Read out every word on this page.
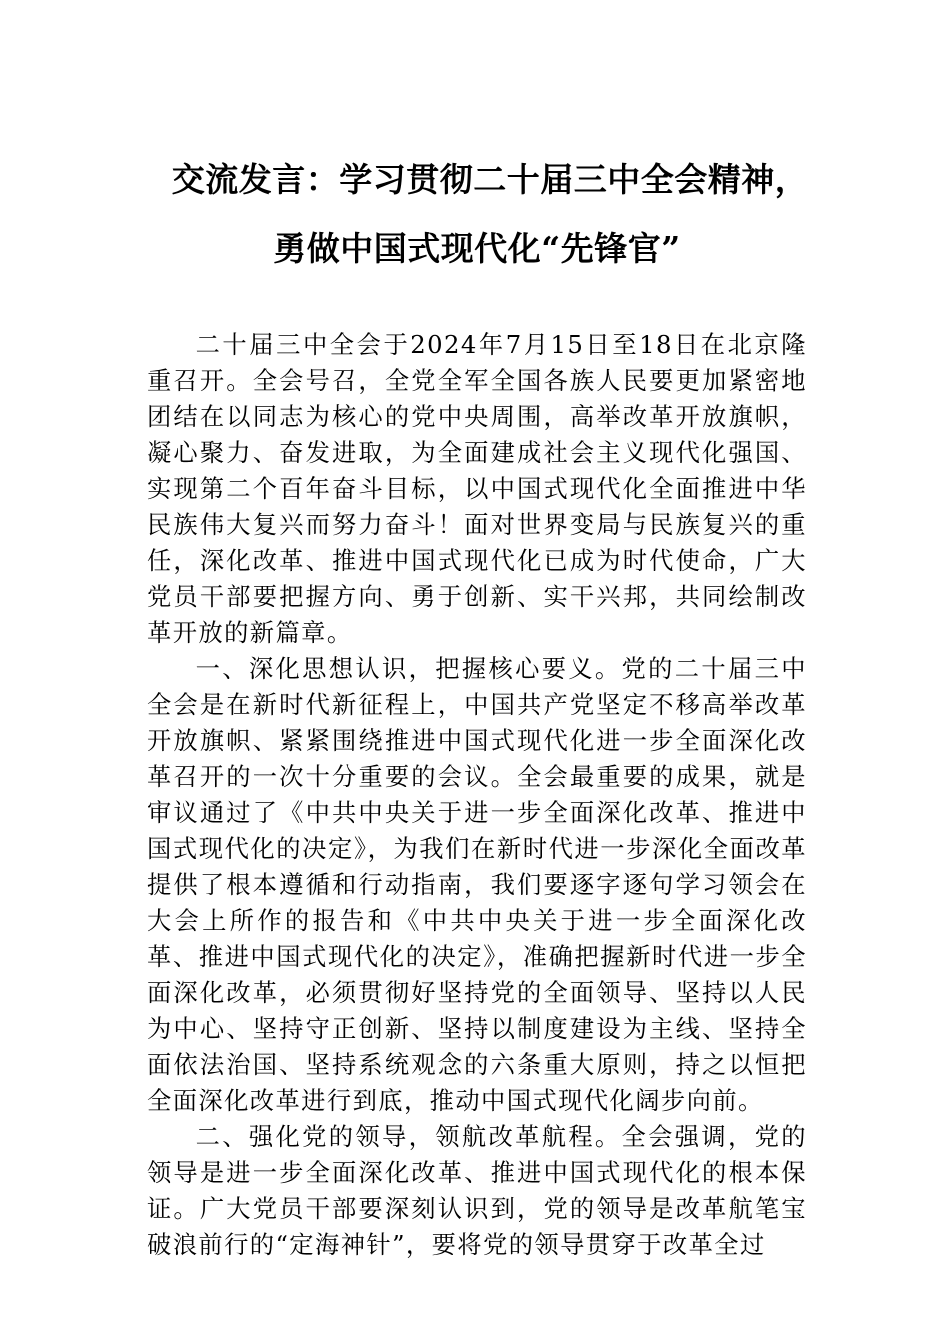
交流发言：学习贯彻二十届三中全会精神，
勇做中国式现代化“先锋官”

二十届三中全会于2024年7月15日至18日在北京隆重召开。全会号召，全党全军全国各族人民要更加紧密地团结在以同志为核心的党中央周围，高举改革开放旗帜，凝心聚力、奋发进取，为全面建成社会主义现代化强国、实现第二个百年奋斗目标，以中国式现代化全面推进中华民族伟大复兴而努力奋斗！面对世界变局与民族复兴的重任，深化改革、推进中国式现代化已成为时代使命，广大党员干部要把握方向、勇于创新、实干兴邦，共同绘制改革开放的新篇章。

一、深化思想认识，把握核心要义。党的二十届三中全会是在新时代新征程上，中国共产党坚定不移高举改革开放旗帜、紧紧围绕推进中国式现代化进一步全面深化改革召开的一次十分重要的会议。全会最重要的成果，就是审议通过了《中共中央关于进一步全面深化改革、推进中国式现代化的决定》，为我们在新时代进一步深化全面改革提供了根本遵循和行动指南，我们要逐字逐句学习领会在大会上所作的报告和《中共中央关于进一步全面深化改革、推进中国式现代化的决定》，准确把握新时代进一步全面深化改革，必须贯彻好坚持党的全面领导、坚持以人民为中心、坚持守正创新、坚持以制度建设为主线、坚持全面依法治国、坚持系统观念的六条重大原则，持之以恒把全面深化改革进行到底，推动中国式现代化阔步向前。

二、强化党的领导，领航改革航程。全会强调，党的领导是进一步全面深化改革、推进中国式现代化的根本保证。广大党员干部要深刻认识到，党的领导是改革航笔宝破浪前行的“定海神针”，要将党的领导贯穿于改革全过
